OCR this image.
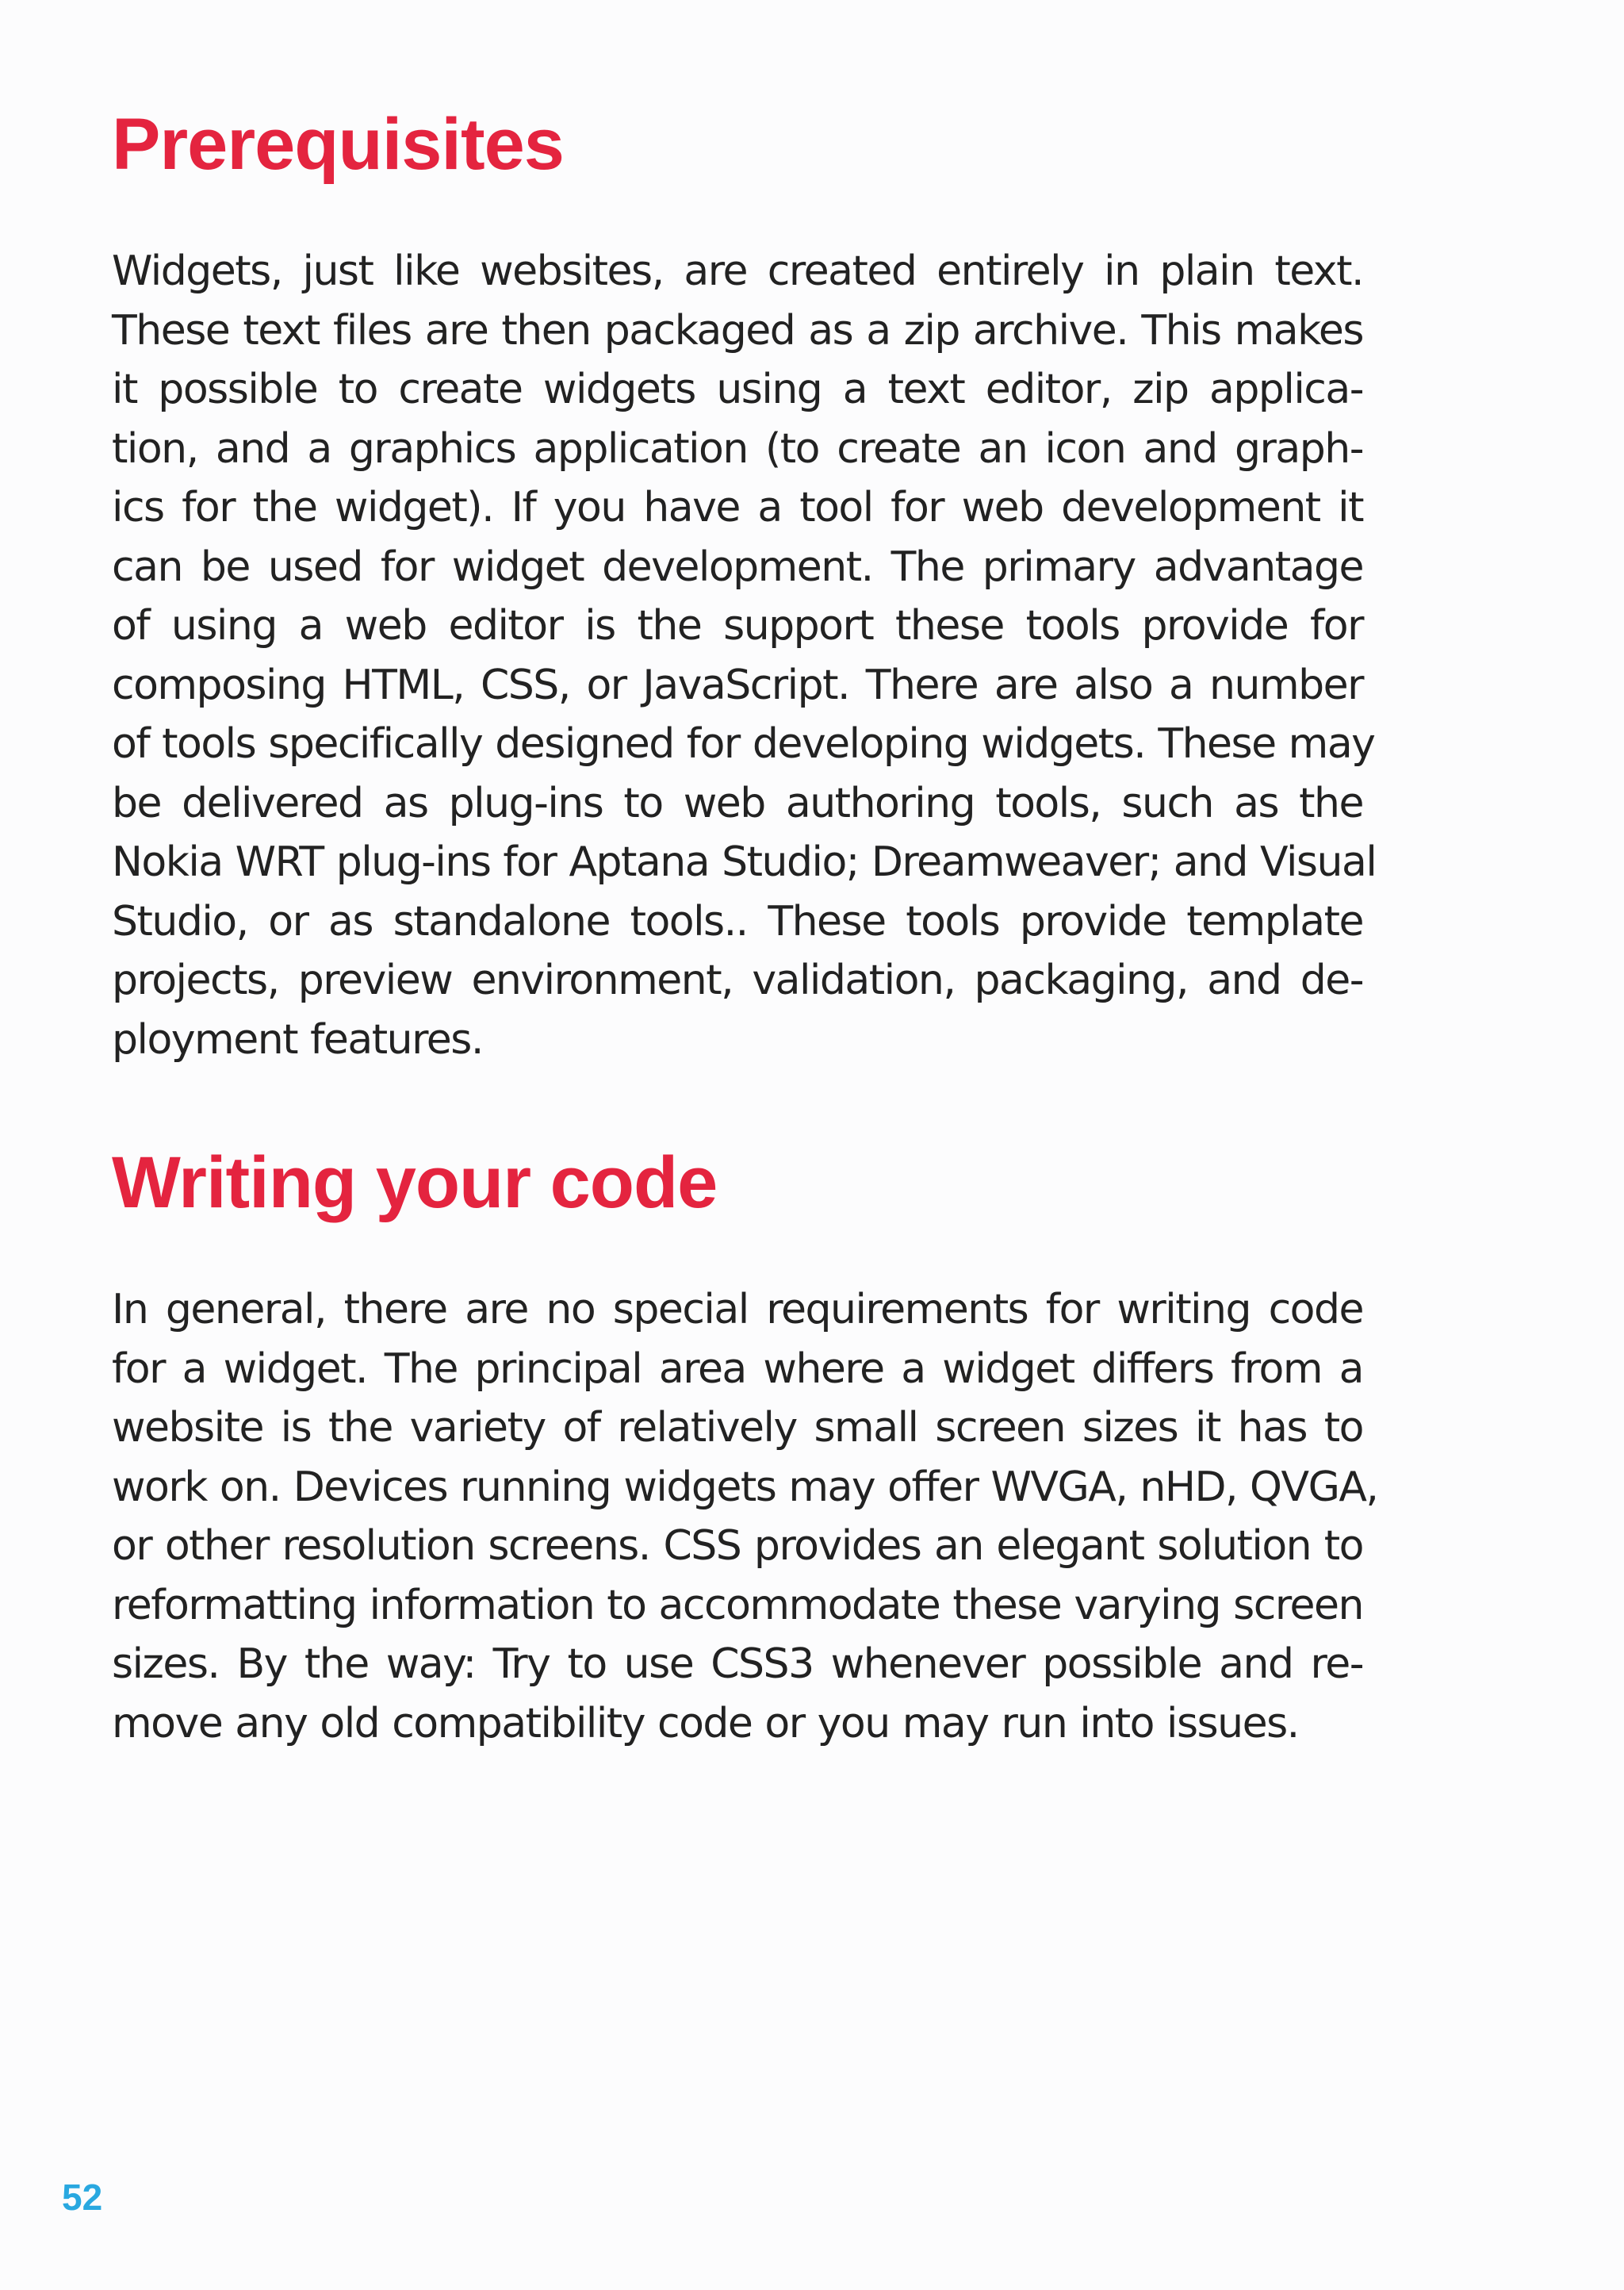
Prerequisites
Widgets, just like websites, are created entirely in plain text.
These text files are then packaged as a zip archive. This makes
it possible to create widgets using a text editor, zip applica-
tion, and a graphics application (to create an icon and graph-
ics for the widget). If you have a tool for web development it
can be used for widget development. The primary advantage
of using a web editor is the support these tools provide for
composing HTML, CSS, or JavaScript. There are also a number
of tools specifically designed for developing widgets. These may
be delivered as plug-ins to web authoring tools, such as the
Nokia WRT plug-ins for Aptana Studio; Dreamweaver; and Visual
Studio, or as standalone tools.. These tools provide template
projects, preview environment, validation, packaging, and de-
ployment features.
Writing your code
In general, there are no special requirements for writing code
for a widget. The principal area where a widget differs from a
website is the variety of relatively small screen sizes it has to
work on. Devices running widgets may offer WVGA, nHD, QVGA,
or other resolution screens. CSS provides an elegant solution to
reformatting information to accommodate these varying screen
sizes. By the way: Try to use CSS3 whenever possible and re-
move any old compatibility code or you may run into issues.

52
